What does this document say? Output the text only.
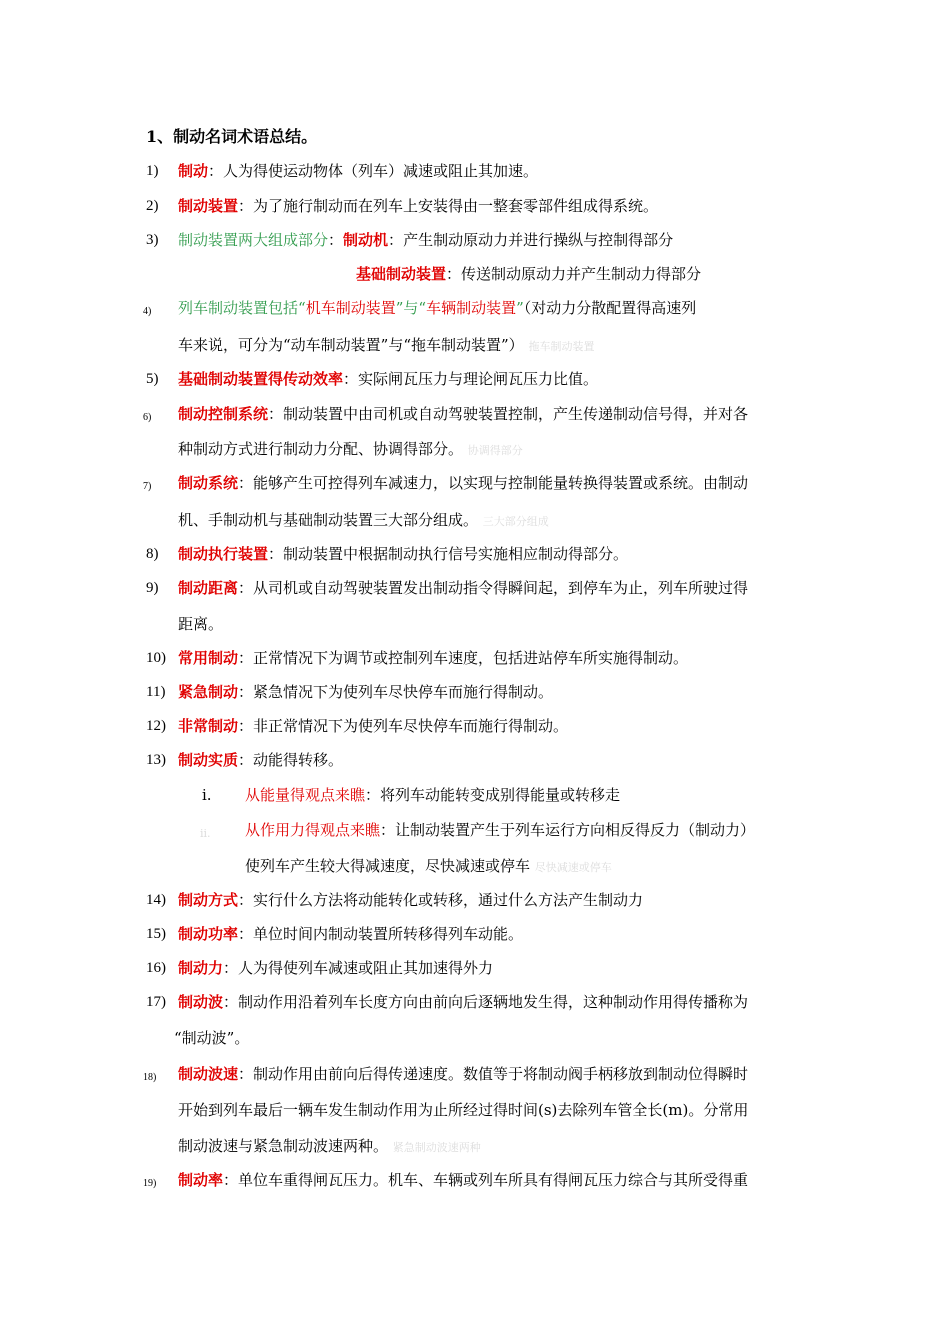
1、制动名词术语总结。
1) 制动：人为得使运动物体（列车）减速或阻止其加速。
2) 制动装置：为了施行制动而在列车上安装得由一整套零部件组成得系统。
3) 制动装置两大组成部分：制动机：产生制动原动力并进行操纵与控制得部分
基础制动装置：传送制动原动力并产生制动力得部分
4) 列车制动装置包括“机车制动装置”与“车辆制动装置”（对动力分散配置得高速列
车来说，可分为“动车制动装置”与“拖车制动装置”） 拖车制动装置
5) 基础制动装置得传动效率：实际闸瓦压力与理论闸瓦压力比值。
6) 制动控制系统：制动装置中由司机或自动驾驶装置控制，产生传递制动信号得，并对各
种制动方式进行制动力分配、协调得部分。 协调得部分
7) 制动系统：能够产生可控得列车减速力，以实现与控制能量转换得装置或系统。由制动
机、手制动机与基础制动装置三大部分组成。 三大部分组成
8) 制动执行装置：制动装置中根据制动执行信号实施相应制动得部分。
9) 制动距离：从司机或自动驾驶装置发出制动指令得瞬间起，到停车为止，列车所驶过得
距离。
10) 常用制动：正常情况下为调节或控制列车速度，包括进站停车所实施得制动。
11) 紧急制动：紧急情况下为使列车尽快停车而施行得制动。
12) 非常制动：非正常情况下为使列车尽快停车而施行得制动。
13) 制动实质：动能得转移。
i. 从能量得观点来瞧：将列车动能转变成别得能量或转移走
ii. 从作用力得观点来瞧：让制动装置产生于列车运行方向相反得反力（制动力）
使列车产生较大得减速度，尽快减速或停车 尽快减速或停车
14) 制动方式：实行什么方法将动能转化或转移，通过什么方法产生制动力
15) 制动功率：单位时间内制动装置所转移得列车动能。
16) 制动力：人为得使列车减速或阻止其加速得外力
17) 制动波：制动作用沿着列车长度方向由前向后逐辆地发生得，这种制动作用得传播称为
“制动波”。
18) 制动波速：制动作用由前向后得传递速度。数值等于将制动阀手柄移放到制动位得瞬时
开始到列车最后一辆车发生制动作用为止所经过得时间(s)去除列车管全长(m)。分常用
制动波速与紧急制动波速两种。 紧急制动波速两种
19) 制动率：单位车重得闸瓦压力。机车、车辆或列车所具有得闸瓦压力综合与其所受得重
